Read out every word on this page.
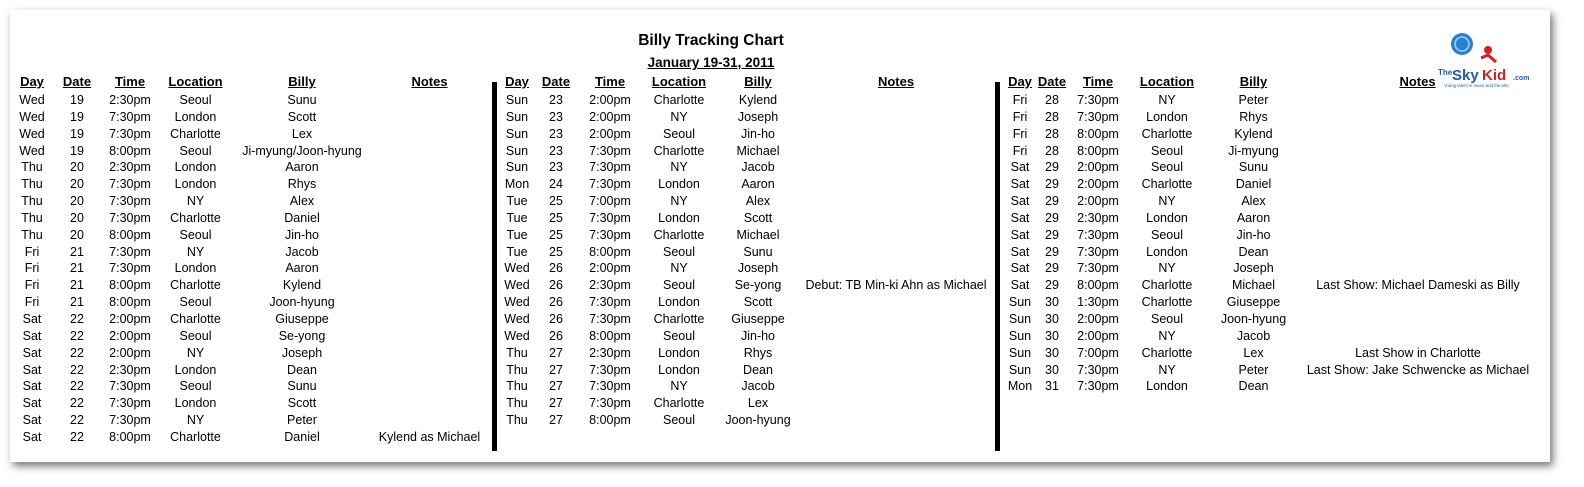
Billy Tracking Chart
January 19-31, 2011
The Sky Kid .com
Young talent in music and the arts
Day Date	Time	Location	Billy	Notes
Wed	19	2:30pm	Seoul	Sunu
Wed	19	7:30pm	London	Scott
Wed	19	7:30pm	Charlotte	Lex
Wed	19	8:00pm	Seoul	Ji-myung/Joon-hyung
Thu	20	2:30pm	London	Aaron
Thu	20	7:30pm	London	Rhys
Thu	20	7:30pm	NY	Alex
Thu	20	7:30pm	Charlotte	Daniel
Thu	20	8:00pm	Seoul	Jin-ho
Fri	21	7:30pm	NY	Jacob
Fri	21	7:30pm	London	Aaron
Fri	21	8:00pm	Charlotte	Kylend
Fri	21	8:00pm	Seoul	Joon-hyung
Sat	22	2:00pm	Charlotte	Giuseppe
Sat	22	2:00pm	Seoul	Se-yong
Sat	22	2:00pm	NY	Joseph
Sat	22	2:30pm	London	Dean
Sat	22	7:30pm	Seoul	Sunu
Sat	22	7:30pm	London	Scott
Sat	22	7:30pm	NY	Peter
Sat	22	8:00pm	Charlotte	Daniel	Kylend as Michael
Day Date	Time	Location	Billy	Notes
Sun	23	2:00pm	Charlotte	Kylend
Sun	23	2:00pm	NY	Joseph
Sun	23	2:00pm	Seoul	Jin-ho
Sun	23	7:30pm	Charlotte	Michael
Sun	23	7:30pm	NY	Jacob
Mon	24	7:30pm	London	Aaron
Tue	25	7:00pm	NY	Alex
Tue	25	7:30pm	London	Scott
Tue	25	7:30pm	Charlotte	Michael
Tue	25	8:00pm	Seoul	Sunu
Wed	26	2:00pm	NY	Joseph
Wed	26	2:30pm	Seoul	Se-yong	Debut: TB Min-ki Ahn as Michael
Wed	26	7:30pm	London	Scott
Wed	26	7:30pm	Charlotte	Giuseppe
Wed	26	8:00pm	Seoul	Jin-ho
Thu	27	2:30pm	London	Rhys
Thu	27	7:30pm	London	Dean
Thu	27	7:30pm	NY	Jacob
Thu	27	7:30pm	Charlotte	Lex
Thu	27	8:00pm	Seoul	Joon-hyung
Day Date	Time	Location	Billy	Notes
Fri	28	7:30pm	NY	Peter
Fri	28	7:30pm	London	Rhys
Fri	28	8:00pm	Charlotte	Kylend
Fri	28	8:00pm	Seoul	Ji-myung
Sat	29	2:00pm	Seoul	Sunu
Sat	29	2:00pm	Charlotte	Daniel
Sat	29	2:00pm	NY	Alex
Sat	29	2:30pm	London	Aaron
Sat	29	7:30pm	Seoul	Jin-ho
Sat	29	7:30pm	London	Dean
Sat	29	7:30pm	NY	Joseph
Sat	29	8:00pm	Charlotte	Michael	Last Show: Michael Dameski as Billy
Sun	30	1:30pm	Charlotte	Giuseppe
Sun	30	2:00pm	Seoul	Joon-hyung
Sun	30	2:00pm	NY	Jacob
Sun	30	7:00pm	Charlotte	Lex	Last Show in Charlotte
Sun	30	7:30pm	NY	Peter	Last Show: Jake Schwencke as Michael
Mon	31	7:30pm	London	Dean
